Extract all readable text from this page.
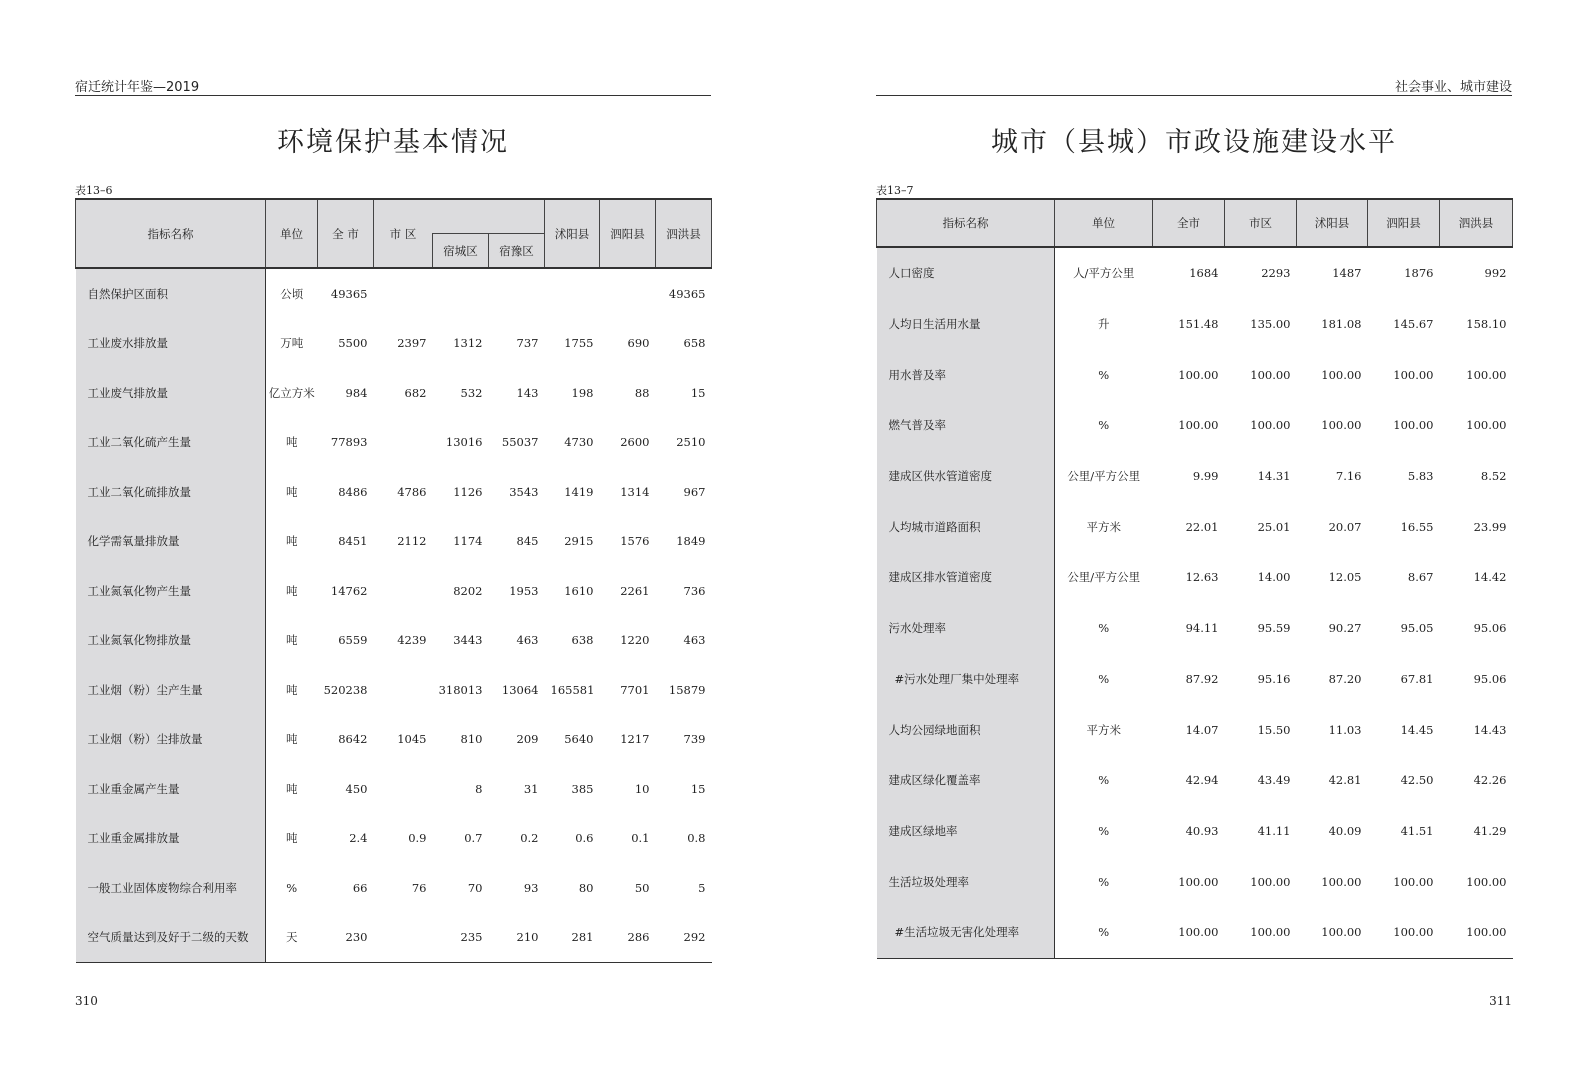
宿迁统计年鉴—2019
环境保护基本情况
表13–6
指标名称	单位	全 市	市 区			沭阳县	泗阳县	泗洪县
				宿城区	宿豫区			
自然保护区面积	公顷	49365						49365
工业废水排放量	万吨	5500	2397	1312	737	1755	690	658
工业废气排放量	亿立方米	984	682	532	143	198	88	15
工业二氧化硫产生量	吨	77893		13016	55037	4730	2600	2510
工业二氧化硫排放量	吨	8486	4786	1126	3543	1419	1314	967
化学需氧量排放量	吨	8451	2112	1174	845	2915	1576	1849
工业氮氧化物产生量	吨	14762		8202	1953	1610	2261	736
工业氮氧化物排放量	吨	6559	4239	3443	463	638	1220	463
工业烟（粉）尘产生量	吨	520238		318013	13064	165581	7701	15879
工业烟（粉）尘排放量	吨	8642	1045	810	209	5640	1217	739
工业重金属产生量	吨	450		8	31	385	10	15
工业重金属排放量	吨	2.4	0.9	0.7	0.2	0.6	0.1	0.8
一般工业固体废物综合利用率	%	66	76	70	93	80	50	5
空气质量达到及好于二级的天数	天	230		235	210	281	286	292
310
社会事业、城市建设
城市（县城）市政设施建设水平
表13–7
指标名称	单位	全市	市区	沭阳县	泗阳县	泗洪县
人口密度	人/平方公里	1684	2293	1487	1876	992
人均日生活用水量	升	151.48	135.00	181.08	145.67	158.10
用水普及率	%	100.00	100.00	100.00	100.00	100.00
燃气普及率	%	100.00	100.00	100.00	100.00	100.00
建成区供水管道密度	公里/平方公里	9.99	14.31	7.16	5.83	8.52
人均城市道路面积	平方米	22.01	25.01	20.07	16.55	23.99
建成区排水管道密度	公里/平方公里	12.63	14.00	12.05	8.67	14.42
污水处理率	%	94.11	95.59	90.27	95.05	95.06
#污水处理厂集中处理率	%	87.92	95.16	87.20	67.81	95.06
人均公园绿地面积	平方米	14.07	15.50	11.03	14.45	14.43
建成区绿化覆盖率	%	42.94	43.49	42.81	42.50	42.26
建成区绿地率	%	40.93	41.11	40.09	41.51	41.29
生活垃圾处理率	%	100.00	100.00	100.00	100.00	100.00
#生活垃圾无害化处理率	%	100.00	100.00	100.00	100.00	100.00
311
